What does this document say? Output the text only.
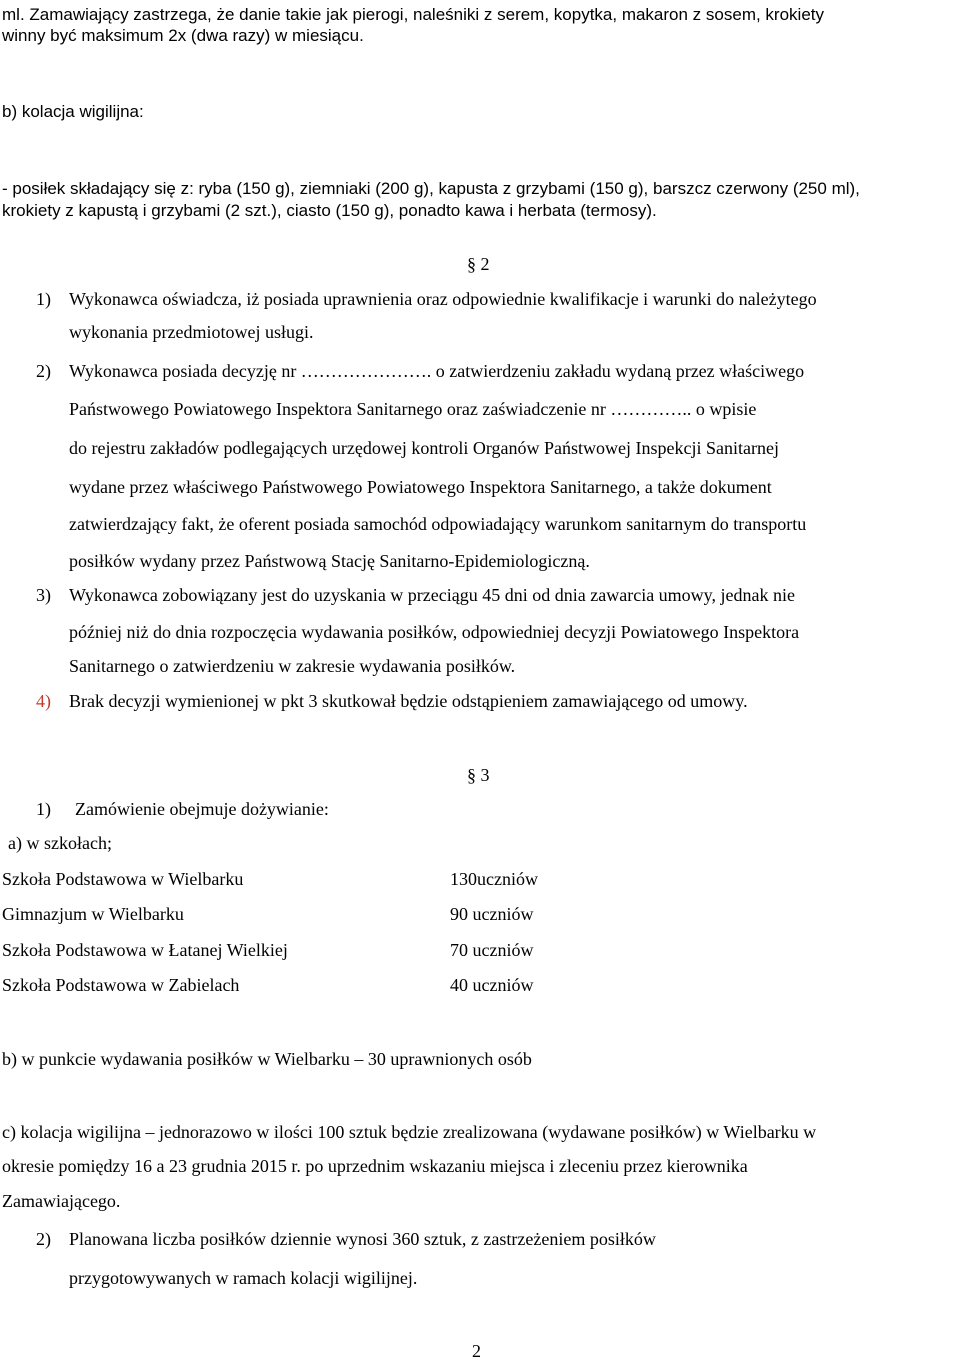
ml. Zamawiający zastrzega, że danie takie jak pierogi, naleśniki z serem, kopytka, makaron z sosem, krokiety
winny być maksimum 2x (dwa razy) w miesiącu.
b) kolacja wigilijna:
- posiłek składający się z: ryba (150 g), ziemniaki (200 g), kapusta z grzybami (150 g), barszcz czerwony (250 ml),
krokiety z kapustą i grzybami (2 szt.), ciasto (150 g), ponadto kawa i herbata (termosy).
§ 2
1) Wykonawca oświadcza, iż posiada uprawnienia oraz odpowiednie kwalifikacje i warunki do należytego
wykonania przedmiotowej usługi.
2) Wykonawca posiada decyzję nr …………………. o zatwierdzeniu zakładu wydaną przez właściwego
Państwowego Powiatowego Inspektora Sanitarnego oraz zaświadczenie nr ………….. o wpisie
do rejestru zakładów podlegających urzędowej kontroli Organów Państwowej Inspekcji Sanitarnej
wydane przez właściwego Państwowego Powiatowego Inspektora Sanitarnego, a także dokument
zatwierdzający fakt, że oferent posiada samochód odpowiadający warunkom sanitarnym do transportu
posiłków wydany przez Państwową Stację Sanitarno-Epidemiologiczną.
3) Wykonawca zobowiązany jest do uzyskania w przeciągu 45 dni od dnia zawarcia umowy, jednak nie
później niż do dnia rozpoczęcia wydawania posiłków, odpowiedniej decyzji Powiatowego Inspektora
Sanitarnego o zatwierdzeniu w zakresie wydawania posiłków.
4) Brak decyzji wymienionej w pkt 3 skutkował będzie odstąpieniem zamawiającego od umowy.
§ 3
1) Zamówienie obejmuje dożywianie:
a) w szkołach;
Szkoła Podstawowa w Wielbarku	130uczniów
Gimnazjum w Wielbarku	90 uczniów
Szkoła Podstawowa w Łatanej Wielkiej	70 uczniów
Szkoła Podstawowa w Zabielach	40 uczniów
b) w punkcie wydawania posiłków w Wielbarku – 30 uprawnionych osób
c) kolacja wigilijna – jednorazowo w ilości 100 sztuk będzie zrealizowana (wydawane posiłków) w Wielbarku w
okresie pomiędzy 16 a 23 grudnia 2015 r. po uprzednim wskazaniu miejsca i zleceniu przez kierownika
Zamawiającego.
2) Planowana liczba posiłków dziennie wynosi 360 sztuk, z zastrzeżeniem posiłków
przygotowywanych w ramach kolacji wigilijnej.
2
